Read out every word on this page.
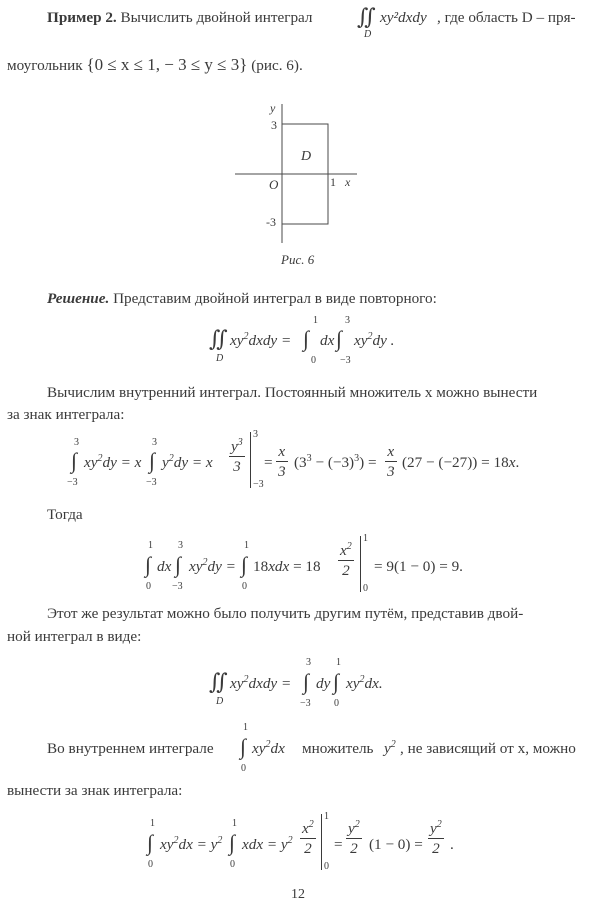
Пример 2. Вычислить двойной интеграл ∬
D
xy²dxdy , где область D – пря-
моугольник {0 ≤ x ≤ 1, − 3 ≤ y ≤ 3} (рис. 6).
y
x
O
D
1
3
-3
Рис. 6
Решение. Представим двойной интеграл в виде повторного:
∬
D
$xy^2dxdy$ = ∫
1
0
dx ∫
3
−3
$xy^2dy$ .
Вычислим внутренний интеграл. Постоянный множитель x можно вынести
за знак интеграла:
∫
3
−3
$xy^2dy = x$ ∫
3
−3
$y^2dy = x \frac{y^3}{3}$
3
−3
= $\frac{x}{3} (3^3 - (-3)^3) = \frac{x}{3} (27 - (-27)) = 18x$.
Тогда
∫
1
0
dx ∫
3
−3
$xy^2dy$ = ∫
1
0
$18xdx = 18 \frac{x^2}{2}$
1
0
= 9(1 − 0) = 9.
Этот же результат можно было получить другим путём, представив двой-
ной интеграл в виде:
∬
D
$xy^2dxdy$ = ∫
3
−3
dy ∫
1
0
$xy^2dx$.
Во внутреннем интеграле ∫
1
0
$xy^2dx$ множитель $y^2$ , не зависящий от x, можно
вынести за знак интеграла:
∫
1
0
$xy^2dx = y^2$ ∫
1
0
xdx = $y^2 \frac{x^2}{2}$
1
0
= $\frac{y^2}{2} (1 - 0) = \frac{y^2}{2}$ .
12
